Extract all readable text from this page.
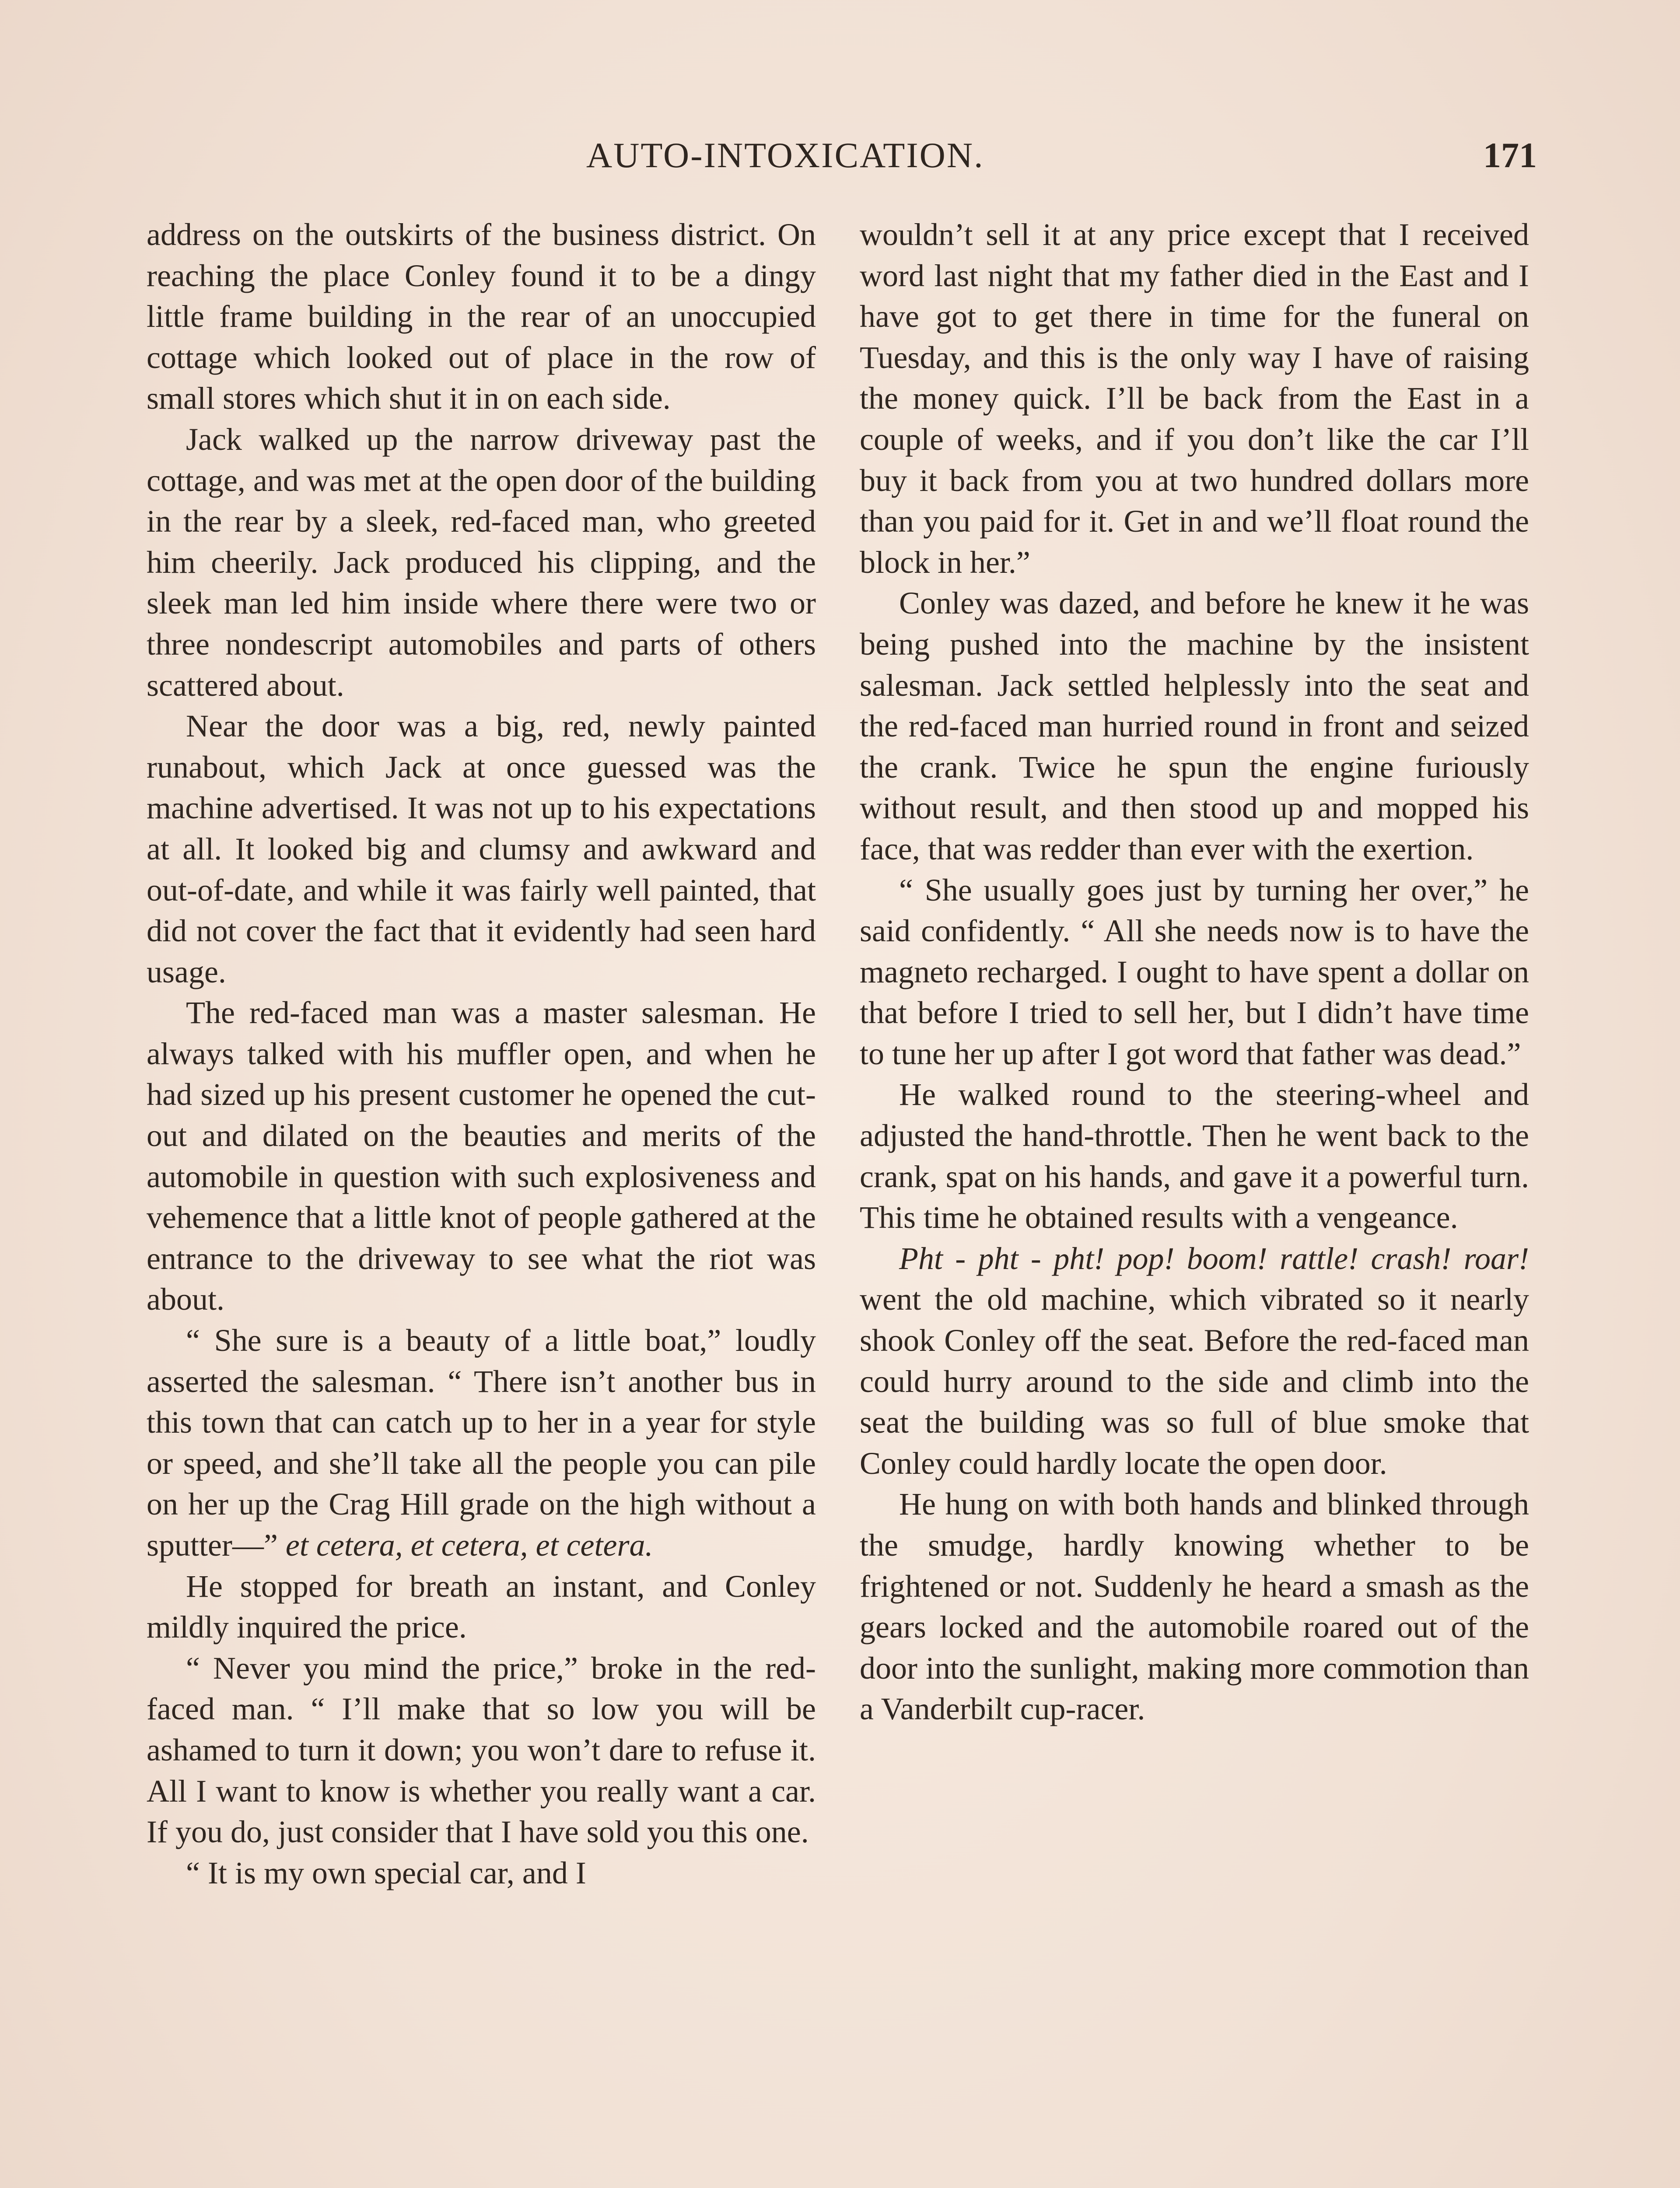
AUTO-INTOXICATION.	171

address on the outskirts of the business district. On reaching the place Conley found it to be a dingy little frame building in the rear of an unoccupied cottage which looked out of place in the row of small stores which shut it in on each side.

Jack walked up the narrow driveway past the cottage, and was met at the open door of the building in the rear by a sleek, red-faced man, who greeted him cheerily. Jack produced his clipping, and the sleek man led him inside where there were two or three nondescript automobiles and parts of others scattered about.

Near the door was a big, red, newly painted runabout, which Jack at once guessed was the machine advertised. It was not up to his expectations at all. It looked big and clumsy and awkward and out-of-date, and while it was fairly well painted, that did not cover the fact that it evidently had seen hard usage.

The red-faced man was a master salesman. He always talked with his muffler open, and when he had sized up his present customer he opened the cut-out and dilated on the beauties and merits of the automobile in question with such explosiveness and vehemence that a little knot of people gathered at the entrance to the driveway to see what the riot was about.

“ She sure is a beauty of a little boat,” loudly asserted the salesman. “ There isn’t another bus in this town that can catch up to her in a year for style or speed, and she’ll take all the people you can pile on her up the Crag Hill grade on the high without a sputter—” et cetera, et cetera, et cetera.

He stopped for breath an instant, and Conley mildly inquired the price.

“ Never you mind the price,” broke in the red-faced man. “ I’ll make that so low you will be ashamed to turn it down; you won’t dare to refuse it. All I want to know is whether you really want a car. If you do, just consider that I have sold you this one.

“ It is my own special car, and I

wouldn’t sell it at any price except that I received word last night that my father died in the East and I have got to get there in time for the funeral on Tuesday, and this is the only way I have of raising the money quick. I’ll be back from the East in a couple of weeks, and if you don’t like the car I’ll buy it back from you at two hundred dollars more than you paid for it. Get in and we’ll float round the block in her.”

Conley was dazed, and before he knew it he was being pushed into the machine by the insistent salesman. Jack settled helplessly into the seat and the red-faced man hurried round in front and seized the crank. Twice he spun the engine furiously without result, and then stood up and mopped his face, that was redder than ever with the exertion.

“ She usually goes just by turning her over,” he said confidently. “ All she needs now is to have the magneto recharged. I ought to have spent a dollar on that before I tried to sell her, but I didn’t have time to tune her up after I got word that father was dead.”

He walked round to the steering-wheel and adjusted the hand-throttle. Then he went back to the crank, spat on his hands, and gave it a powerful turn. This time he obtained results with a vengeance.

Pht - pht - pht! pop! boom! rattle! crash! roar! went the old machine, which vibrated so it nearly shook Conley off the seat. Before the red-faced man could hurry around to the side and climb into the seat the building was so full of blue smoke that Conley could hardly locate the open door.

He hung on with both hands and blinked through the smudge, hardly knowing whether to be frightened or not. Suddenly he heard a smash as the gears locked and the automobile roared out of the door into the sunlight, making more commotion than a Vanderbilt cup-racer.
